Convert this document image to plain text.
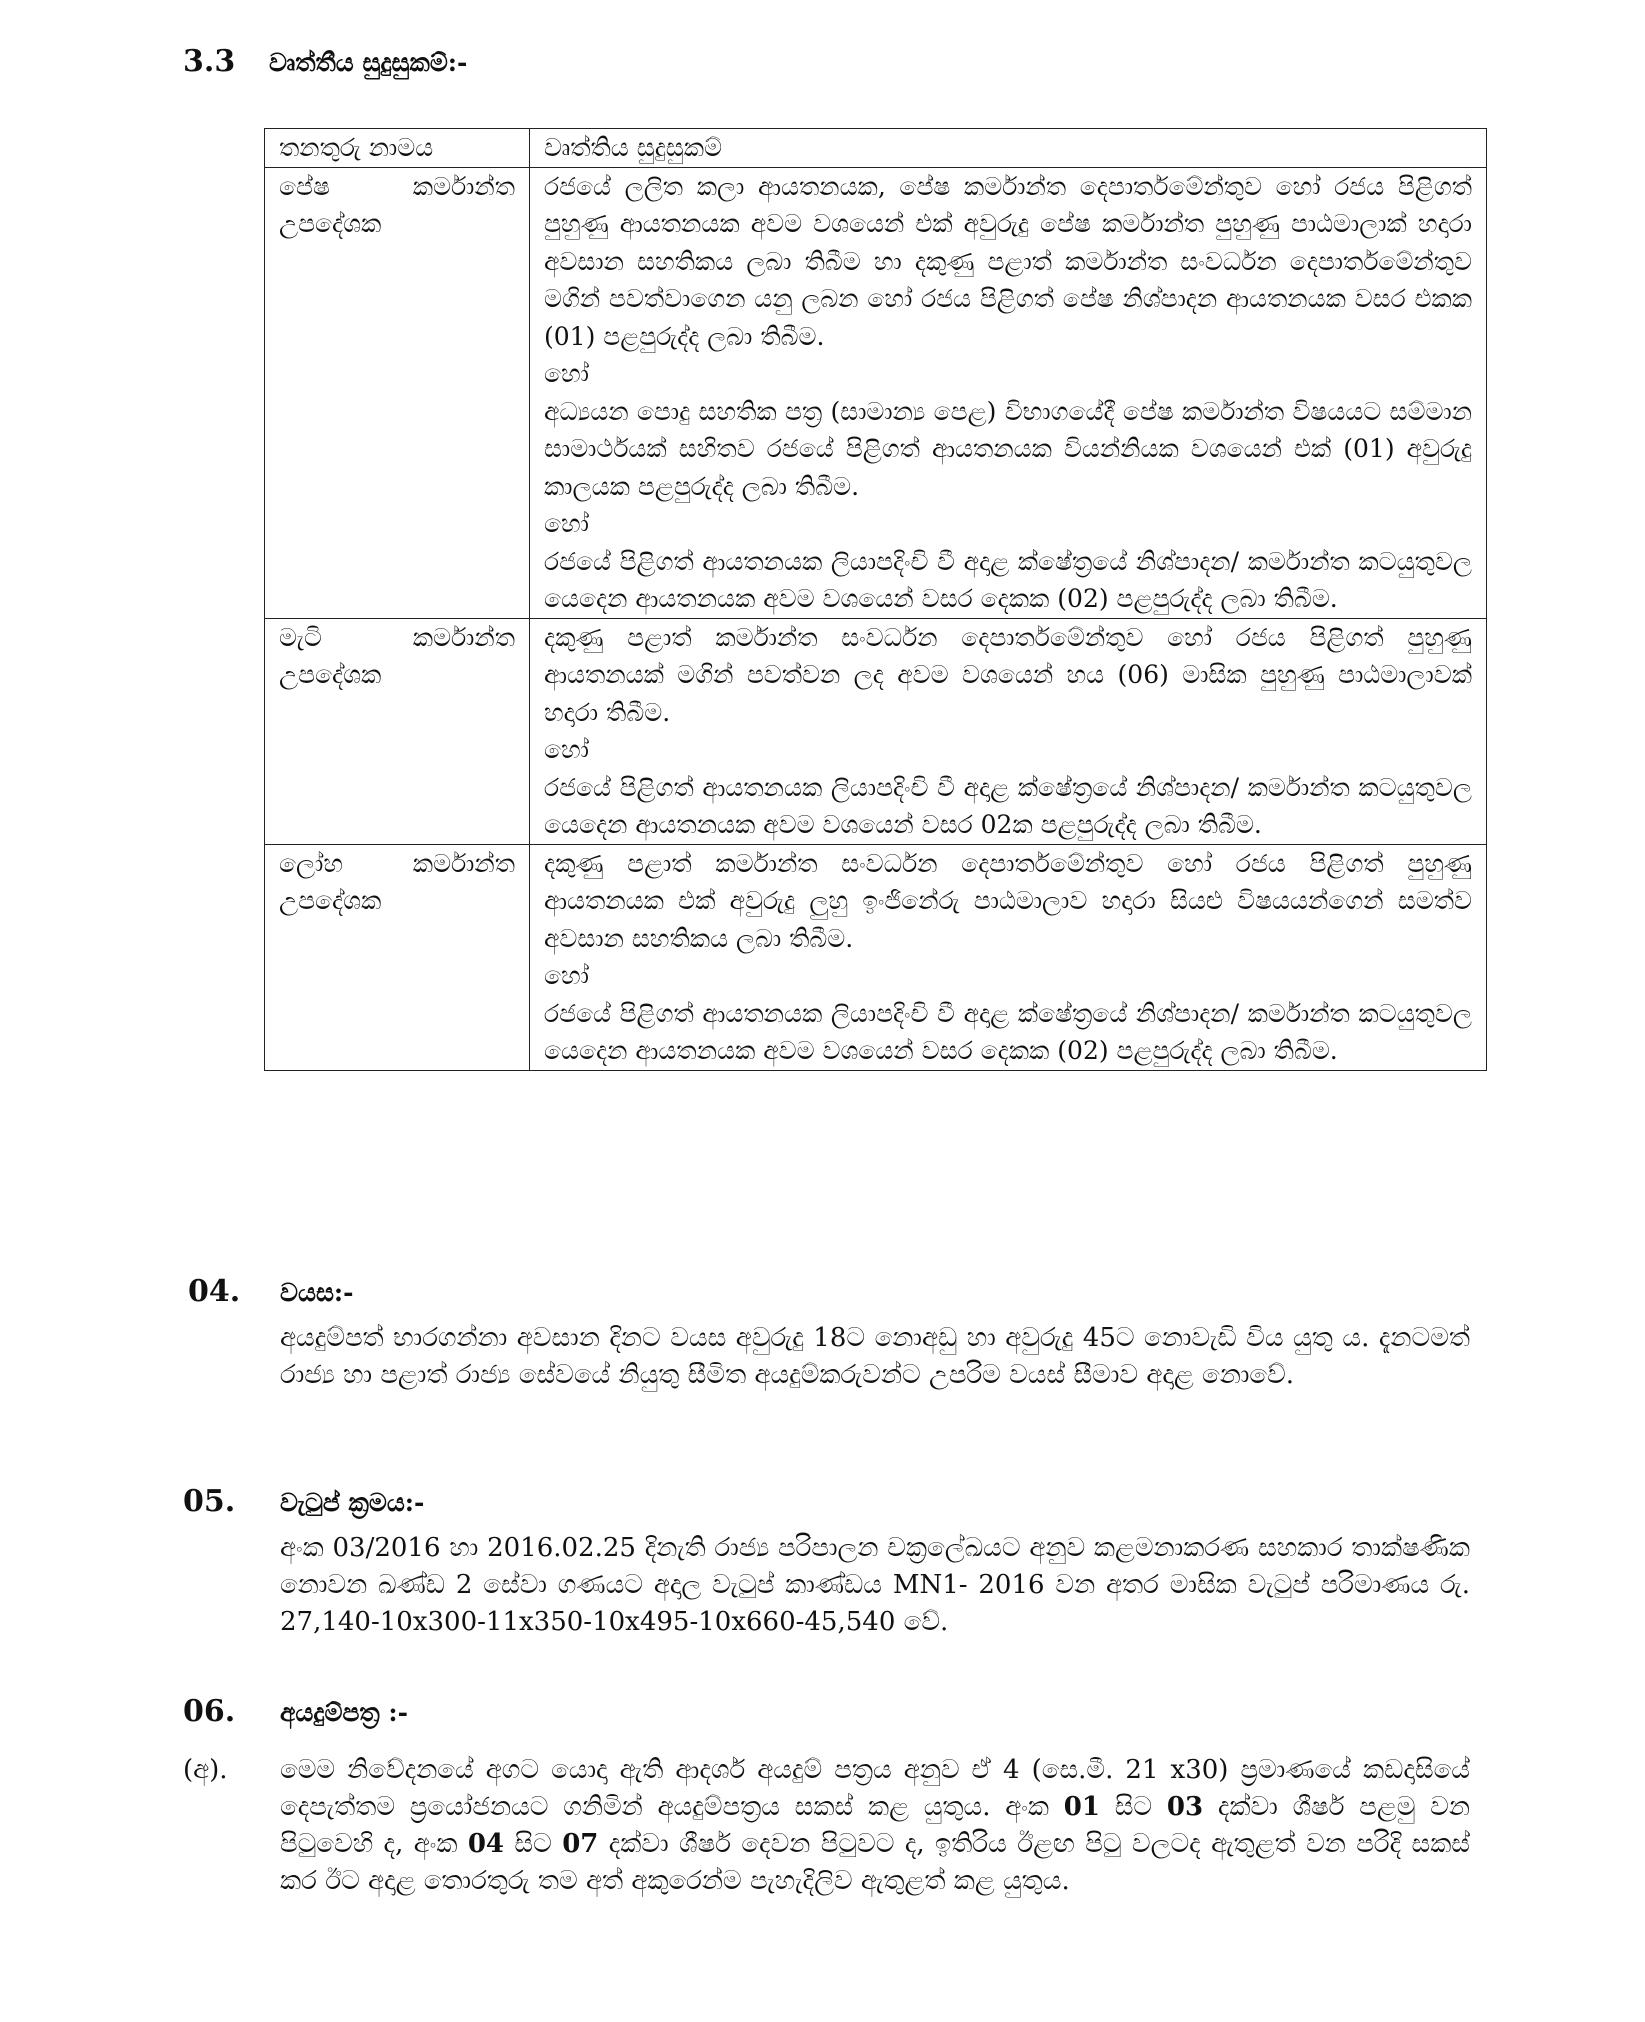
3.3	වෘත්තීය සුදුසුකම්:-
තනතුරු නාමය	වෘත්තිය සුදුසුකම්
පේෂ කර්මාන්ත උපදේශක	රජයේ ලලිත කලා ආයතනයක, පේෂ කර්මාන්ත දෙපාර්තමේන්තුව හෝ රජය පිළිගත් පුහුණු ආයතනයක අවම වශයෙන් එක් අවුරුදු පේෂ කර්මාන්ත පුහුණු පාඨමාලාක් හදාරා අවසාන සහතිකය ලබා තිබීම හා දකුණු පළාත් කර්මාන්ත සංවර්ධන දෙපාර්තමේන්තුව මගින් පවත්වාගෙන යනු ලබන හෝ රජය පිළිගත් පේෂ නිශ්පාදන ආයතනයක වසර එකක (01) පළපුරුද්ද ලබා තිබීම.
හෝ
අධ්‍යයන පොදු සහතික පත්‍ර (සාමාන්‍ය පෙළ) විභාගයේදී පේෂ කර්මාන්ත විෂයයට සම්මාන සාමාර්ථයක් සහිතව රජයේ පිළිගත් ආයතනයක වියන්නියක වශයෙන් එක් (01) අවුරුදු කාලයක පළපුරුද්ද ලබා තිබීම.
හෝ
රජයේ පිළිගත් ආයතනයක ලියාපදිංචි වී අදාළ ක්ෂේත්‍රයේ නිශ්පාදන/ කර්මාන්ත කටයුතුවල යෙදෙන ආයතනයක අවම වශයෙන් වසර දෙකක (02) පළපුරුද්ද ලබා තිබීම.

මැටි කර්මාන්ත උපදේශක	දකුණු පළාත් කර්මාන්ත සංවර්ධන දෙපාර්තමේන්තුව හෝ රජය පිළිගත් පුහුණු ආයතනයක් මගින් පවත්වන ලද අවම වශයෙන් හය (06) මාසික පුහුණු පාඨමාලාවක් හදාරා තිබීම.
හෝ
රජයේ පිළිගත් ආයතනයක ලියාපදිංචි වී අදාළ ක්ෂේත්‍රයේ නිශ්පාදන/ කර්මාන්ත කටයුතුවල යෙදෙන ආයතනයක අවම වශයෙන් වසර 02ක පළපුරුද්ද ලබා තිබීම.

ලෝහ කර්මාන්ත උපදේශක	දකුණු පළාත් කර්මාන්ත සංවර්ධන දෙපාර්තමේන්තුව හෝ රජය පිළිගත් පුහුණු ආයතනයක එක් අවුරුදු ලුහු ඉංජිනේරු පාඨමාලාව හදාරා සියළු විෂයයන්ගෙන් සමත්ව අවසාන සහතිකය ලබා තිබීම.
හෝ
රජයේ පිළිගත් ආයතනයක ලියාපදිංචි වී අදාළ ක්ෂේත්‍රයේ නිශ්පාදන/ කර්මාන්ත කටයුතුවල යෙදෙන ආයතනයක අවම වශයෙන් වසර දෙකක (02) පළපුරුද්ද ලබා තිබීම.
04.	වයස:-
අයදුම්පත් භාරගන්නා අවසාන දිනට වයස අවුරුදු 18ට නොඅඩු හා අවුරුදු 45ට නොවැඩි විය යුතු ය. දැනටමත් රාජ්‍ය හා පළාත් රාජ්‍ය සේවයේ නියුතු සීමිත අයදුම්කරුවන්ට උපරිම වයස් සීමාව අදාළ නොවේ.
05.	වැටුප් ක්‍රමය:-
අංක 03/2016 හා 2016.02.25 දිනැති රාජ්‍ය පරිපාලන චක්‍රලේඛයට අනුව කළමනාකරණ සහකාර තාක්ෂණික නොවන ඛණ්ඩ 2 සේවා ගණයට අදාල වැටුප් කාණ්ඩය MN1- 2016 වන අතර මාසික වැටුප් පරිමාණය රු. 27,140-10x300-11x350-10x495-10x660-45,540 වේ.
06.	අයදුම්පත්‍ර :-
(අ).	මෙම නිවේදනයේ අගට යොදා ඇති ආදර්ශ අයදුම් පත්‍රය අනුව ඒ 4 (සෙ.මී. 21 x30) ප්‍රමාණයේ කඩදාසියේ දෙපැත්තම ප්‍රයෝජනයට ගනිමින් අයදුම්පත්‍රය සකස් කළ යුතුය. අංක 01 සිට 03 දක්වා ශීර්ෂ පළමු වන පිටුවෙහි ද, අංක 04 සිට 07 දක්වා ශීර්ෂ දෙවන පිටුවට ද, ඉතිරිය ඊළඟ පිටු වලටද ඇතුළත් වන පරිදි සකස් කර ඊට අදාළ තොරතුරු තම අත් අකුරෙන්ම පැහැදිලිව ඇතුළත් කළ යුතුය.
